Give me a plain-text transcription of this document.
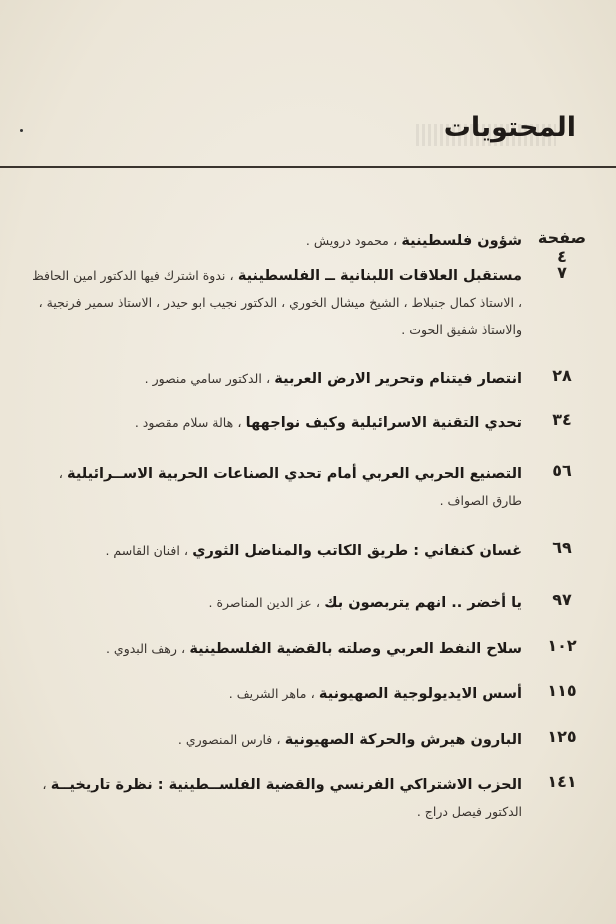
المحتويات
صفحة ٤
شؤون فلسطينية ، محمود درويش .
٧
مستقبل العلاقات اللبنانية ــ الفلسطينية ، ندوة اشترك فيها الدكتور امين الحافظ ، الاستاذ كمال جنبلاط ، الشيخ ميشال الخوري ، الدكتور نجيب ابو حيدر ، الاستاذ سمير فرنجية ، والاستاذ شفيق الحوت .
٢٨
انتصار فيتنام وتحرير الارض العربية ، الدكتور سامي منصور .
٣٤
تحدي التقنية الاسرائيلية وكيف نواجهها ، هالة سلام مقصود .
٥٦
التصنيع الحربي العربي أمام تحدي الصناعات الحربية الاســرائيلية ، طارق الصواف .
٦٩
غسان كنفاني : طريق الكاتب والمناضل الثوري ، افنان القاسم .
٩٧
يا أخضر .. انهم يتربصون بك ، عز الدين المناصرة .
١٠٢
سلاح النفط العربي وصلته بالقضية الفلسطينية ، رهف البدوي .
١١٥
أسس الايديولوجية الصهيونية ، ماهر الشريف .
١٢٥
البارون هيرش والحركة الصهيونية ، فارس المنصوري .
١٤١
الحزب الاشتراكي الفرنسي والقضية الفلســطينية : نظرة تاريخيــة ، الدكتور فيصل دراج .
